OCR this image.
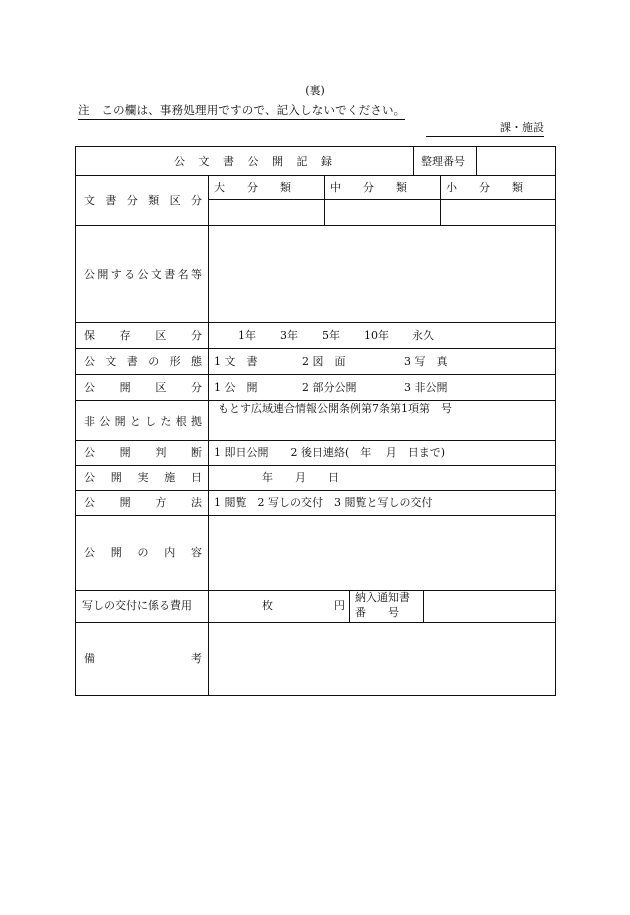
(裏)
注　この欄は、事務処理用ですので、記入しないでください。
課・施設
公文書公開記録	整理番号
文書分類区分
大　　分　　類	中　　分　　類	小　　分　　類
公開する公文書名等
保存区分	1年 3年 5年 10年 永久
公文書の形態 1 文　書	2 図　面	3 写　真
公開区分 1 公　開	2 部分公開	3 非公開
非公開とした根拠
もとす広域連合情報公開条例第7条第1項第　号
公開判断 1 即日公開　　2 後日連絡(　年　 月　日まで)
公開実施日	年　　月　　日
公開方法 1 閲覧　2 写しの交付　3 閲覧と写しの交付
公開の内容
写しの交付に係る費用	枚	円
納入通知書
番　　号
備考
